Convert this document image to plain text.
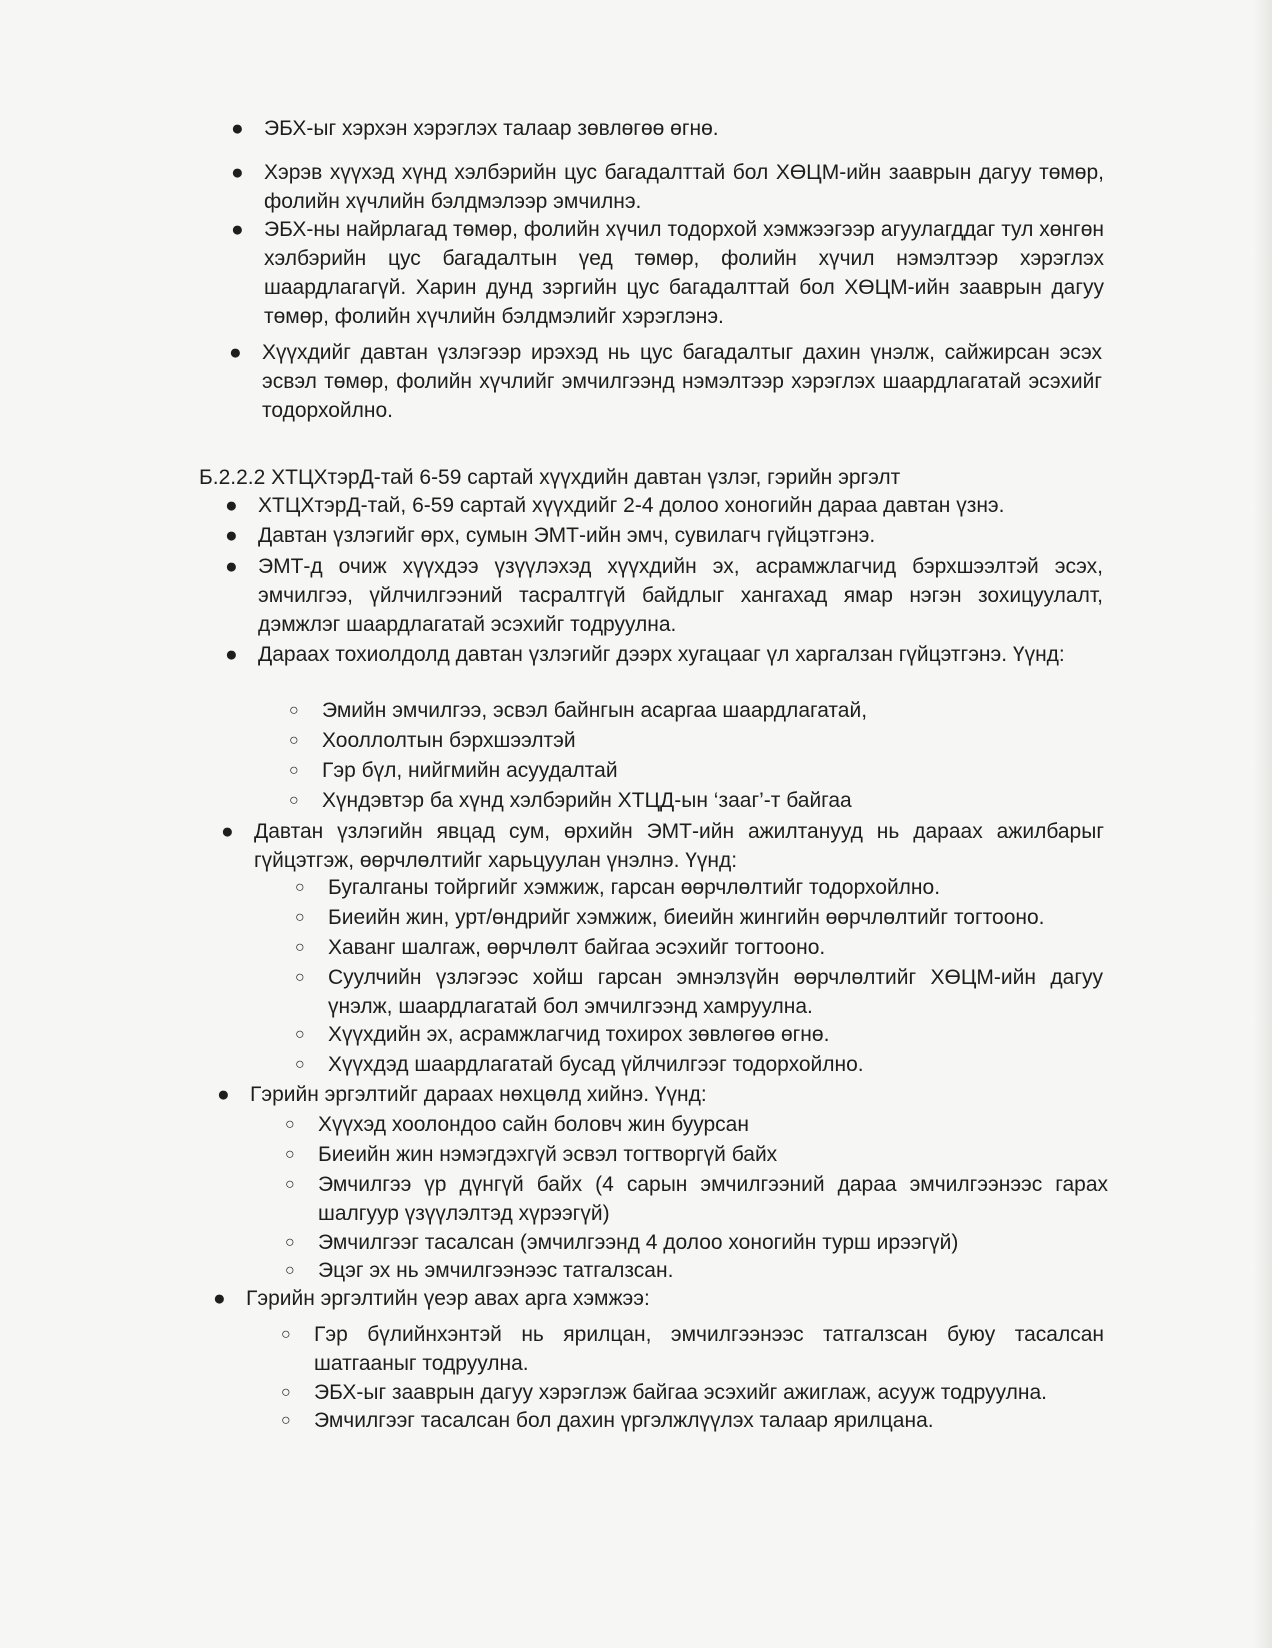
● ЭБХ-ыг хэрхэн хэрэглэх талаар зөвлөгөө өгнө.
● Хэрэв хүүхэд хүнд хэлбэрийн цус багадалттай бол ХӨЦМ-ийн зааврын дагуу төмөр, фолийн хүчлийн бэлдмэлээр эмчилнэ.
● ЭБХ-ны найрлагад төмөр, фолийн хүчил тодорхой хэмжээгээр агуулагддаг тул хөнгөн хэлбэрийн цус багадалтын үед төмөр, фолийн хүчил нэмэлтээр хэрэглэх шаардлагагүй. Харин дунд зэргийн цус багадалттай бол ХӨЦМ-ийн зааврын дагуу төмөр, фолийн хүчлийн бэлдмэлийг хэрэглэнэ.
● Хүүхдийг давтан үзлэгээр ирэхэд нь цус багадалтыг дахин үнэлж, сайжирсан эсэх эсвэл төмөр, фолийн хүчлийг эмчилгээнд нэмэлтээр хэрэглэх шаардлагатай эсэхийг тодорхойлно.
Б.2.2.2 ХТЦХтэрД-тай 6-59 сартай хүүхдийн давтан үзлэг, гэрийн эргэлт
● ХТЦХтэрД-тай, 6-59 сартай хүүхдийг 2-4 долоо хоногийн дараа давтан үзнэ.
● Давтан үзлэгийг өрх, сумын ЭМТ-ийн эмч, сувилагч гүйцэтгэнэ.
● ЭМТ-д очиж хүүхдээ үзүүлэхэд хүүхдийн эх, асрамжлагчид бэрхшээлтэй эсэх, эмчилгээ, үйлчилгээний тасралтгүй байдлыг хангахад ямар нэгэн зохицуулалт, дэмжлэг шаардлагатай эсэхийг тодруулна.
● Дараах тохиолдолд давтан үзлэгийг дээрх хугацааг үл харгалзан гүйцэтгэнэ. Үүнд:
○ Эмийн эмчилгээ, эсвэл байнгын асаргаа шаардлагатай,
○ Хооллолтын бэрхшээлтэй
○ Гэр бүл, нийгмийн асуудалтай
○ Хүндэвтэр ба хүнд хэлбэрийн ХТЦД-ын ‘зааг’-т байгаа
● Давтан үзлэгийн явцад сум, өрхийн ЭМТ-ийн ажилтанууд нь дараах ажилбарыг гүйцэтгэж, өөрчлөлтийг харьцуулан үнэлнэ. Үүнд:
○ Бугалганы тойргийг хэмжиж, гарсан өөрчлөлтийг тодорхойлно.
○ Биеийн жин, урт/өндрийг хэмжиж, биеийн жингийн өөрчлөлтийг тогтооно.
○ Хаванг шалгаж, өөрчлөлт байгаа эсэхийг тогтооно.
○ Суулчийн үзлэгээс хойш гарсан эмнэлзүйн өөрчлөлтийг ХӨЦМ-ийн дагуу үнэлж, шаардлагатай бол эмчилгээнд хамруулна.
○ Хүүхдийн эх, асрамжлагчид тохирох зөвлөгөө өгнө.
○ Хүүхдэд шаардлагатай бусад үйлчилгээг тодорхойлно.
● Гэрийн эргэлтийг дараах нөхцөлд хийнэ. Үүнд:
○ Хүүхэд хоолондоо сайн боловч жин буурсан
○ Биеийн жин нэмэгдэхгүй эсвэл тогтворгүй байх
○ Эмчилгээ үр дүнгүй байх (4 сарын эмчилгээний дараа эмчилгээнээс гарах шалгуур үзүүлэлтэд хүрээгүй)
○ Эмчилгээг тасалсан (эмчилгээнд 4 долоо хоногийн турш ирээгүй)
○ Эцэг эх нь эмчилгээнээс татгалзсан.
● Гэрийн эргэлтийн үеэр авах арга хэмжээ:
○ Гэр бүлийнхэнтэй нь ярилцан, эмчилгээнээс татгалзсан буюу тасалсан шатгааныг тодруулна.
○ ЭБХ-ыг зааврын дагуу хэрэглэж байгаа эсэхийг ажиглаж, асууж тодруулна.
○ Эмчилгээг тасалсан бол дахин үргэлжлүүлэх талаар ярилцана.
